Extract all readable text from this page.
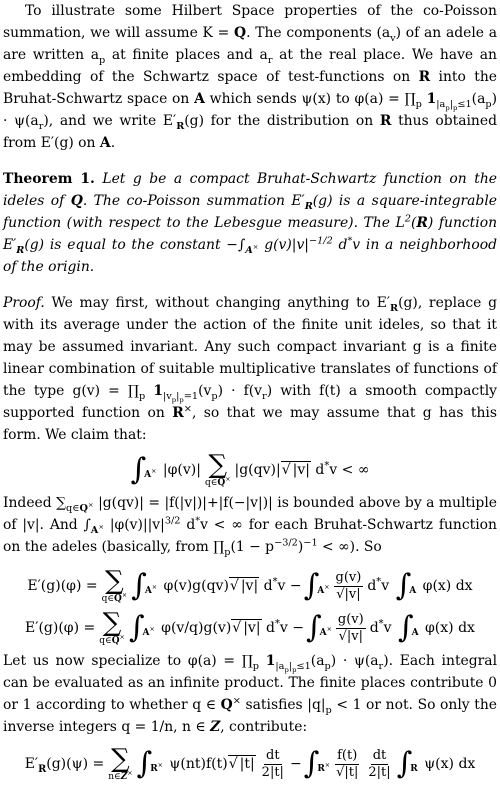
To illustrate some Hilbert Space properties of the co-Poisson summation, we will assume K = Q. The components $(a_v)$ of an adele a are written $a_p$ at finite places and $a_r$ at the real place. We have an embedding of the Schwartz space of test-functions on R into the Bruhat-Schwartz space on A which sends ψ(x) to $\varphi(a) = \prod_p$ $1_{|a_p|_p\le 1}(a_p) \cdot \psi(a_r)$, and we write $E'_R(g)$ for the distribution on R thus obtained from E′(g) on A.

Theorem 1. Let g be a compact Bruhat-Schwartz function on the ideles of Q. The co-Poisson summation $E'_R(g)$ is a square-integrable function (with respect to the Lebesgue measure). The $L^2(R)$ function $E'_R(g)$ is equal to the constant $-\int_{A^\times}$ $g(v)|v|^{-1/2}$ d*v in a neighborhood of the origin.

Proof. We may first, without changing anything to $E'_R(g)$, replace g with its average under the action of the finite unit ideles, so that it may be assumed invariant. Any such compact invariant g is a finite linear combination of suitable multiplicative translates of functions of the type $g(v) = \prod_p$ $1_{|v_p|_p=1}(v_p) \cdot f(v_r)$ with f(t) a smooth compactly supported function on R×, so that we may assume that g has this form. We claim that:

∫
A× |φ(v)| ∑
q∈Q×
|g(qv)|√ |v| d*v < ∞

Indeed $\sum_{q\in Q^\times}$ |g(qv)| = |f(|v|)|+|f(−|v|)| is bounded above by a multiple of |v|. And $\int_{A^\times}$ $|\varphi(v)||v|^{3/2}$ d*v < ∞ for each Bruhat-Schwartz function on the adeles (basically, from $\prod_p(1 - p^{-3/2})^{-1}$ < ∞). So

E′(g)(φ) = ∑
q∈Q× ∫
A× φ(v)g(qv)√ |v| d*v − ∫
$A^\times \frac{g(v)}{√|v|} d^*v$ ∫
A φ(x) dx
E′(g)(φ) = ∑
q∈Q× ∫
A× φ(v/q)g(v)√ |v| d*v − ∫
$A^\times \frac{g(v)}{√|v|} d^*v$ ∫
A φ(x) dx

Let us now specialize to $\varphi(a) = \prod_p$ $1_{|a_p|_p\le 1}(a_p) \cdot \psi(a_r)$. Each integral can be evaluated as an infinite product. The finite places contribute 0 or 1 according to whether q ∈ Q× satisfies $|q|_p < 1$ or not. So only the inverse integers q = 1/n, n ∈ Z, contribute:

$E'_R(g)(\psi)$ = ∑
n∈Z× ∫
R× ψ(nt)f(t)√ $|t| \frac{dt}{2|t|}$ − ∫
$R^\times \frac{f(t)}{√|t|} \frac{dt}{2|t|}$ ∫
R ψ(x) dx
